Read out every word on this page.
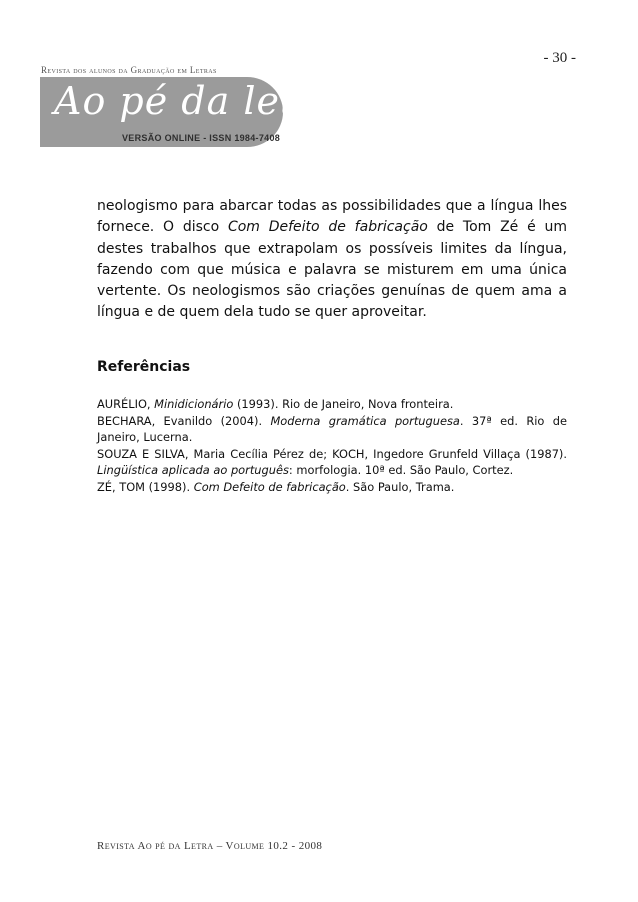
- 30 -
Revista dos alunos da Graduação em Letras
Ao pé da letra
VERSÃO ONLINE - ISSN 1984-7408

neologismo para abarcar todas as possibilidades que a língua lhes fornece. O disco Com Defeito de fabricação de Tom Zé é um destes trabalhos que extrapolam os possíveis limites da língua, fazendo com que música e palavra se misturem em uma única vertente. Os neologismos são criações genuínas de quem ama a língua e de quem dela tudo se quer aproveitar.

Referências

AURÉLIO, Minidicionário (1993). Rio de Janeiro, Nova fronteira.

BECHARA, Evanildo (2004). Moderna gramática portuguesa. 37ª ed. Rio de Janeiro, Lucerna.

SOUZA E SILVA, Maria Cecília Pérez de; KOCH, Ingedore Grunfeld Villaça (1987). Lingüística aplicada ao português: morfologia. 10ª ed. São Paulo, Cortez.

ZÉ, TOM (1998). Com Defeito de fabricação. São Paulo, Trama.

Revista Ao pé da Letra – Volume 10.2 - 2008
